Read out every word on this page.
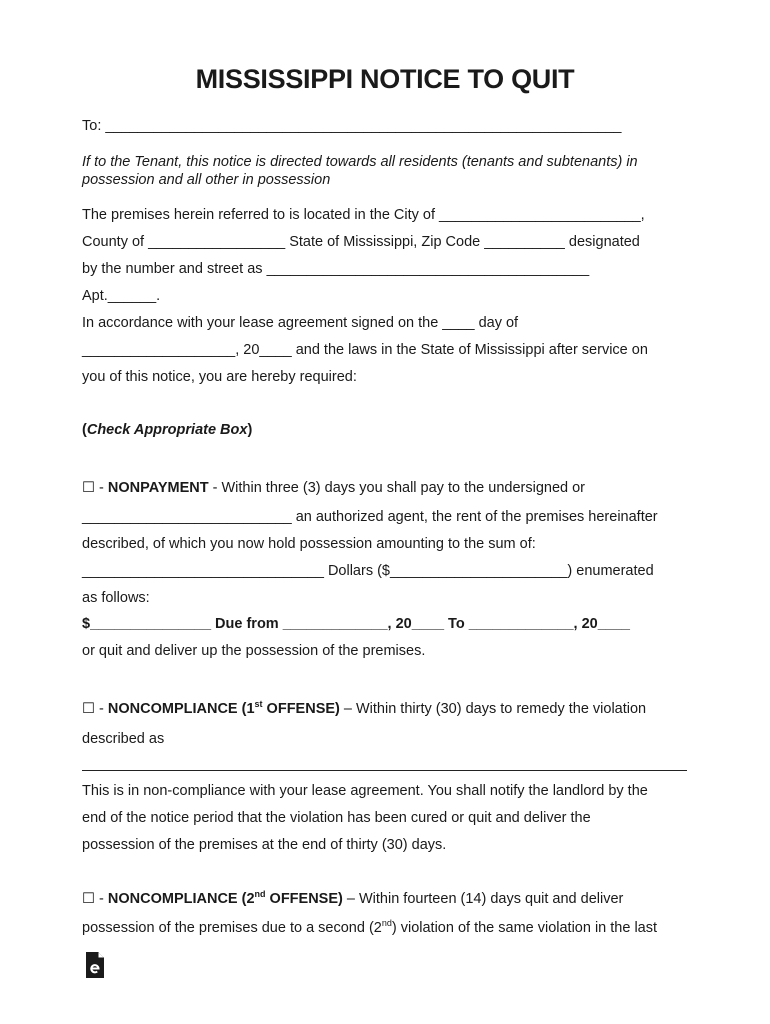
MISSISSIPPI NOTICE TO QUIT
To: ________________________________________________________________
If to the Tenant, this notice is directed towards all residents (tenants and subtenants) in
possession and all other in possession
The premises herein referred to is located in the City of _________________________,
County of _________________ State of Mississippi, Zip Code __________ designated
by the number and street as ________________________________________
Apt.______.
In accordance with your lease agreement signed on the ____ day of
___________________, 20____ and the laws in the State of Mississippi after service on
you of this notice, you are hereby required:
(Check Appropriate Box)
☐ - NONPAYMENT - Within three (3) days you shall pay to the undersigned or
__________________________ an authorized agent, the rent of the premises hereinafter
described, of which you now hold possession amounting to the sum of:
______________________________ Dollars ($______________________) enumerated
as follows:
$_______________ Due from _____________, 20____ To _____________, 20____
or quit and deliver up the possession of the premises.
☐ - NONCOMPLIANCE (1st OFFENSE) – Within thirty (30) days to remedy the violation
described as
This is in non-compliance with your lease agreement. You shall notify the landlord by the
end of the notice period that the violation has been cured or quit and deliver the
possession of the premises at the end of thirty (30) days.
☐ - NONCOMPLIANCE (2nd OFFENSE) – Within fourteen (14) days quit and deliver
possession of the premises due to a second (2nd) violation of the same violation in the last
